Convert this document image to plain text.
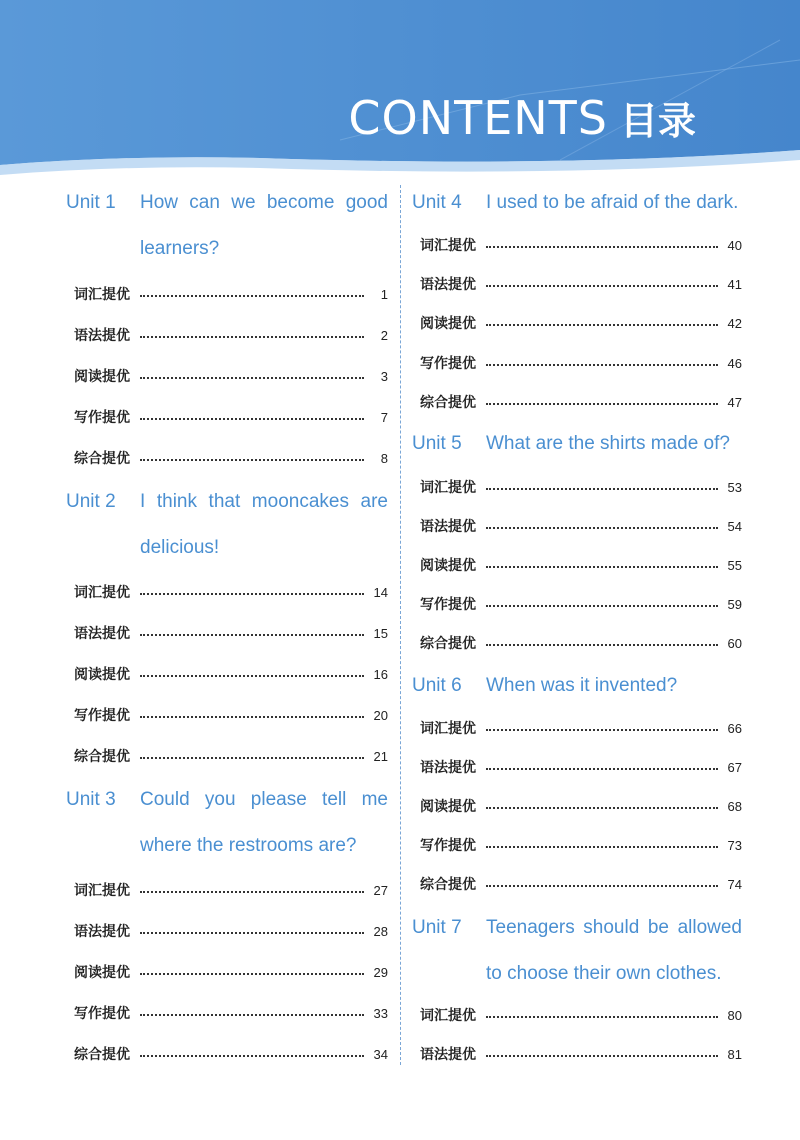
CONTENTS 目录
Unit 1	How can we become good
learners?
词汇提优	1
语法提优	2
阅读提优	3
写作提优	7
综合提优	8
Unit 2	I think that mooncakes are
delicious!
词汇提优	14
语法提优	15
阅读提优	16
写作提优	20
综合提优	21
Unit 3	Could you please tell me
where the restrooms are?
词汇提优	27
语法提优	28
阅读提优	29
写作提优	33
综合提优	34
Unit 4	I used to be afraid of the dark.
词汇提优	40
语法提优	41
阅读提优	42
写作提优	46
综合提优	47
Unit 5	What are the shirts made of?
词汇提优	53
语法提优	54
阅读提优	55
写作提优	59
综合提优	60
Unit 6	When was it invented?
词汇提优	66
语法提优	67
阅读提优	68
写作提优	73
综合提优	74
Unit 7	Teenagers should be allowed
to choose their own clothes.
词汇提优	80
语法提优	81
